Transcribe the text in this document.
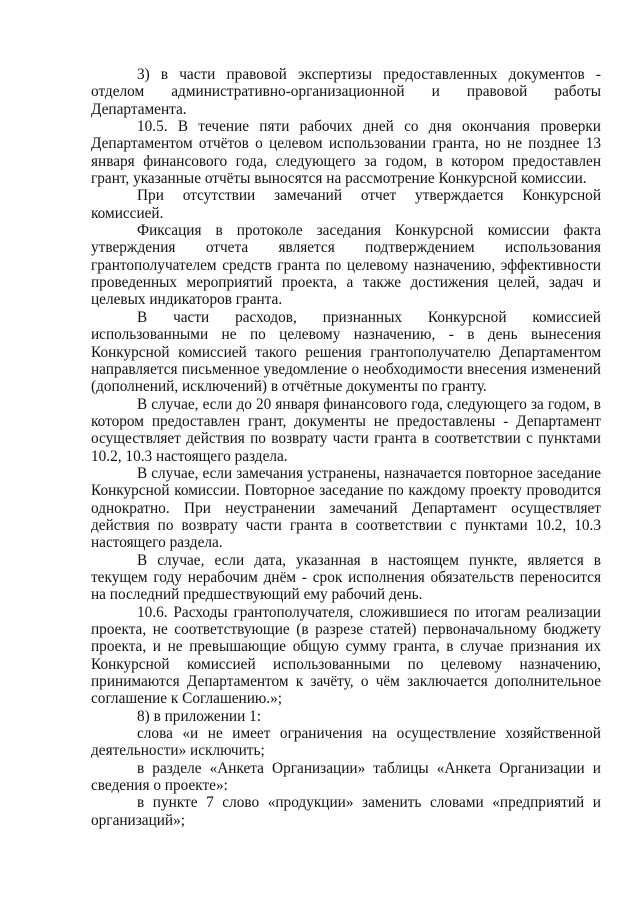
3) в части правовой экспертизы предоставленных документов - отделом административно-организационной и правовой работы Департамента.

10.5. В течение пяти рабочих дней со дня окончания проверки Департаментом отчётов о целевом использовании гранта, но не позднее 13 января финансового года, следующего за годом, в котором предоставлен грант, указанные отчёты выносятся на рассмотрение Конкурсной комиссии.

При отсутствии замечаний отчет утверждается Конкурсной комиссией.

Фиксация в протоколе заседания Конкурсной комиссии факта утверждения отчета является подтверждением использования грантополучателем средств гранта по целевому назначению, эффективности проведенных мероприятий проекта, а также достижения целей, задач и целевых индикаторов гранта.

В части расходов, признанных Конкурсной комиссией использованными не по целевому назначению, - в день вынесения Конкурсной комиссией такого решения грантополучателю Департаментом направляется письменное уведомление о необходимости внесения изменений (дополнений, исключений) в отчётные документы по гранту.

В случае, если до 20 января финансового года, следующего за годом, в котором предоставлен грант, документы не предоставлены - Департамент осуществляет действия по возврату части гранта в соответствии с пунктами 10.2, 10.3 настоящего раздела.

В случае, если замечания устранены, назначается повторное заседание Конкурсной комиссии. Повторное заседание по каждому проекту проводится однократно. При неустранении замечаний Департамент осуществляет действия по возврату части гранта в соответствии с пунктами 10.2, 10.3 настоящего раздела.

В случае, если дата, указанная в настоящем пункте, является в текущем году нерабочим днём - срок исполнения обязательств переносится на последний предшествующий ему рабочий день.

10.6. Расходы грантополучателя, сложившиеся по итогам реализации проекта, не соответствующие (в разрезе статей) первоначальному бюджету проекта, и не превышающие общую сумму гранта, в случае признания их Конкурсной комиссией использованными по целевому назначению, принимаются Департаментом к зачёту, о чём заключается дополнительное соглашение к Соглашению.»;

8) в приложении 1:

слова «и не имеет ограничения на осуществление хозяйственной деятельности» исключить;

в разделе «Анкета Организации» таблицы «Анкета Организации и сведения о проекте»:

в пункте 7 слово «продукции» заменить словами «предприятий и организаций»;
